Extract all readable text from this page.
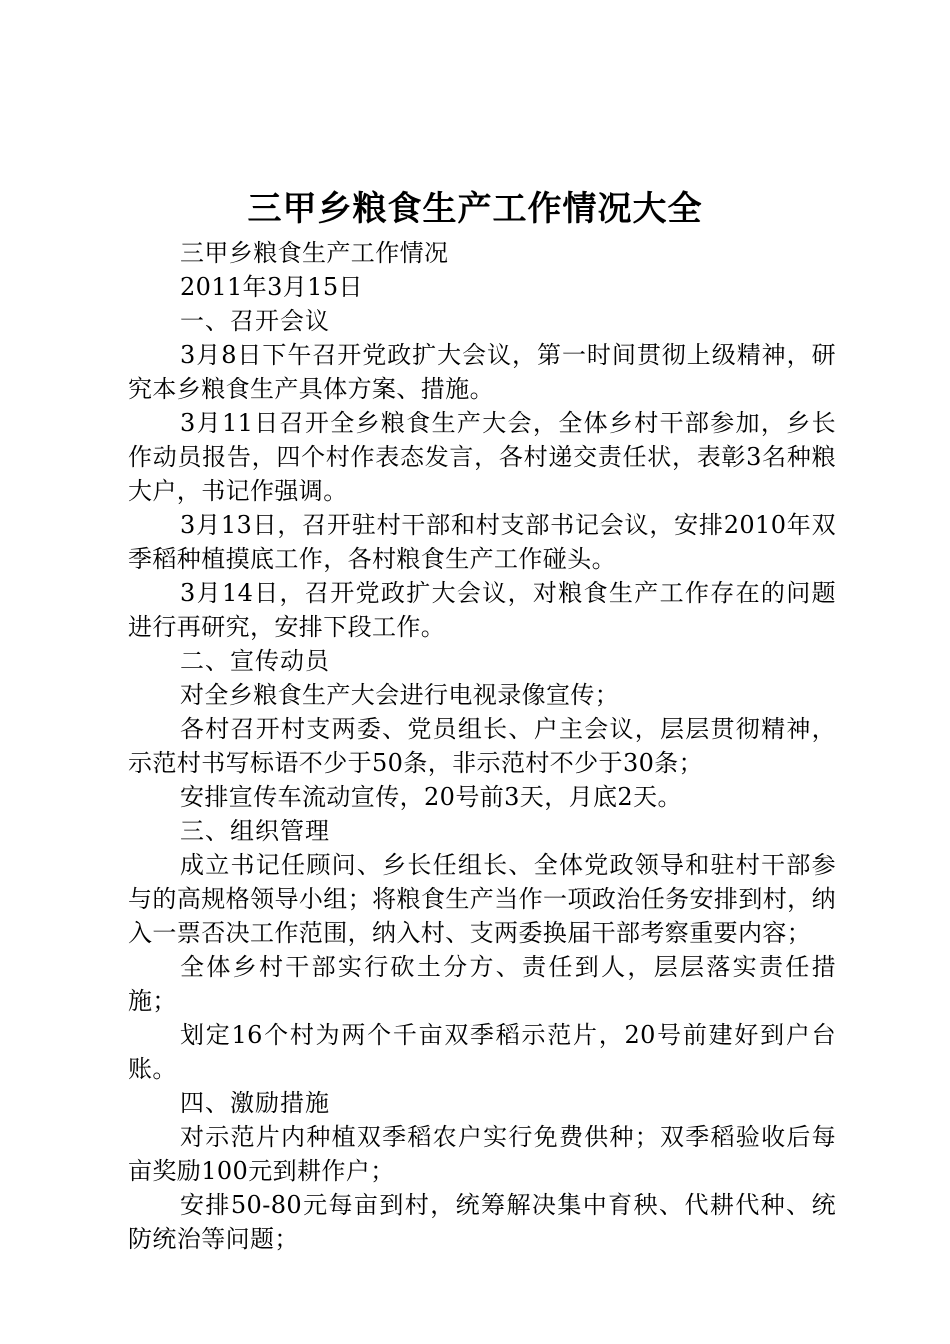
三甲乡粮食生产工作情况大全

三甲乡粮食生产工作情况

2011年3月15日

一、召开会议

3月8日下午召开党政扩大会议，第一时间贯彻上级精神，研究本乡粮食生产具体方案、措施。

3月11日召开全乡粮食生产大会，全体乡村干部参加，乡长作动员报告，四个村作表态发言，各村递交责任状，表彰3名种粮大户，书记作强调。

3月13日，召开驻村干部和村支部书记会议，安排2010年双季稻种植摸底工作，各村粮食生产工作碰头。

3月14日，召开党政扩大会议，对粮食生产工作存在的问题进行再研究，安排下段工作。

二、宣传动员

对全乡粮食生产大会进行电视录像宣传；

各村召开村支两委、党员组长、户主会议，层层贯彻精神，示范村书写标语不少于50条，非示范村不少于30条；

安排宣传车流动宣传，20号前3天，月底2天。

三、组织管理

成立书记任顾问、乡长任组长、全体党政领导和驻村干部参与的高规格领导小组；将粮食生产当作一项政治任务安排到村，纳入一票否决工作范围，纳入村、支两委换届干部考察重要内容；

全体乡村干部实行砍土分方、责任到人，层层落实责任措施；

划定16个村为两个千亩双季稻示范片，20号前建好到户台账。

四、激励措施

对示范片内种植双季稻农户实行免费供种；双季稻验收后每亩奖励100元到耕作户；

安排50-80元每亩到村，统筹解决集中育秧、代耕代种、统防统治等问题；
